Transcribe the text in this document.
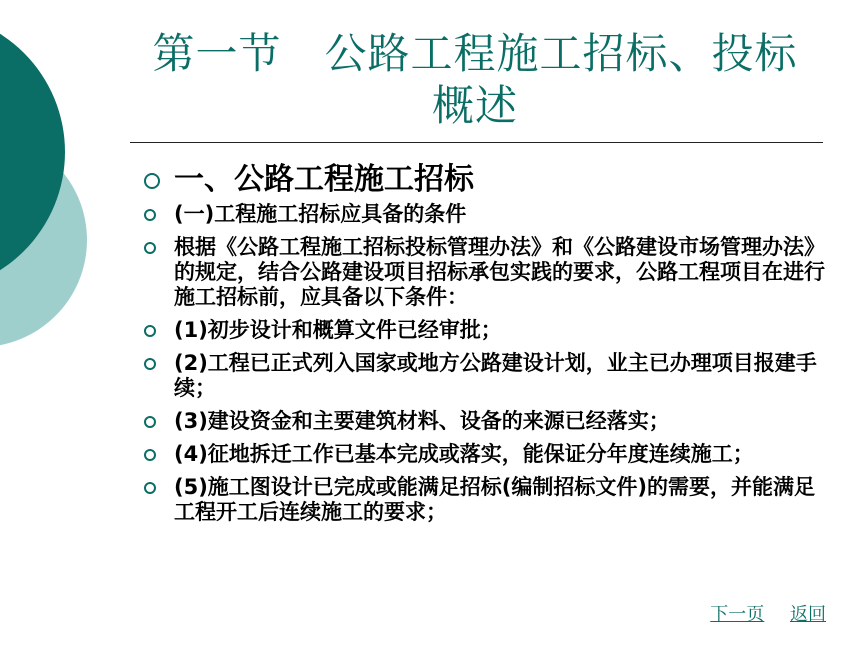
第一节　公路工程施工招标、投标
概述
一、公路工程施工招标
(一)工程施工招标应具备的条件
根据《公路工程施工招标投标管理办法》和《公路建设市场管理办法》的规定，结合公路建设项目招标承包实践的要求，公路工程项目在进行施工招标前，应具备以下条件：
(1)初步设计和概算文件已经审批；
(2)工程已正式列入国家或地方公路建设计划，业主已办理项目报建手续；
(3)建设资金和主要建筑材料、设备的来源已经落实；
(4)征地拆迁工作已基本完成或落实，能保证分年度连续施工；
(5)施工图设计已完成或能满足招标(编制招标文件)的需要，并能满足工程开工后连续施工的要求；
下一页 返回
